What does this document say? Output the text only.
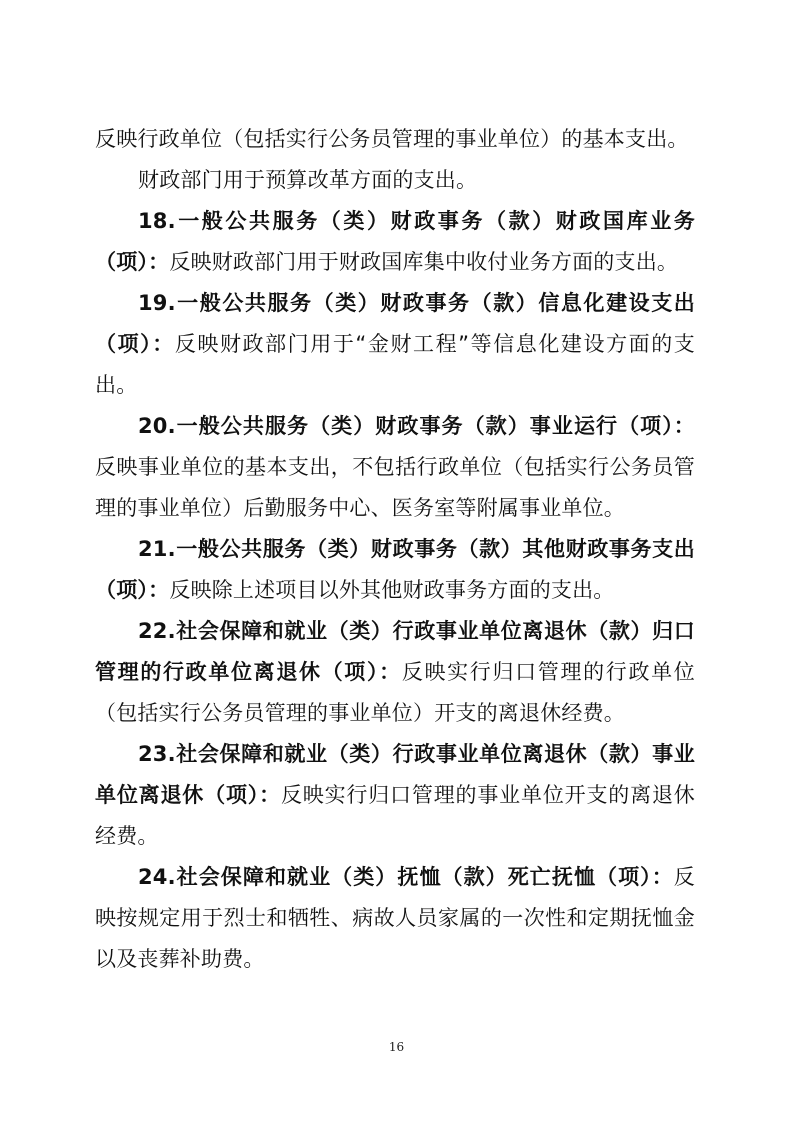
反映行政单位（包括实行公务员管理的事业单位）的基本支出。

财政部门用于预算改革方面的支出。

18.一般公共服务（类）财政事务（款）财政国库业务（项）：反映财政部门用于财政国库集中收付业务方面的支出。

19.一般公共服务（类）财政事务（款）信息化建设支出（项）：反映财政部门用于“金财工程”等信息化建设方面的支出。

20.一般公共服务（类）财政事务（款）事业运行（项）：反映事业单位的基本支出，不包括行政单位（包括实行公务员管理的事业单位）后勤服务中心、医务室等附属事业单位。

21.一般公共服务（类）财政事务（款）其他财政事务支出（项）：反映除上述项目以外其他财政事务方面的支出。

22.社会保障和就业（类）行政事业单位离退休（款）归口管理的行政单位离退休（项）：反映实行归口管理的行政单位（包括实行公务员管理的事业单位）开支的离退休经费。

23.社会保障和就业（类）行政事业单位离退休（款）事业单位离退休（项）：反映实行归口管理的事业单位开支的离退休经费。

24.社会保障和就业（类）抚恤（款）死亡抚恤（项）：反映按规定用于烈士和牺牲、病故人员家属的一次性和定期抚恤金以及丧葬补助费。

16
